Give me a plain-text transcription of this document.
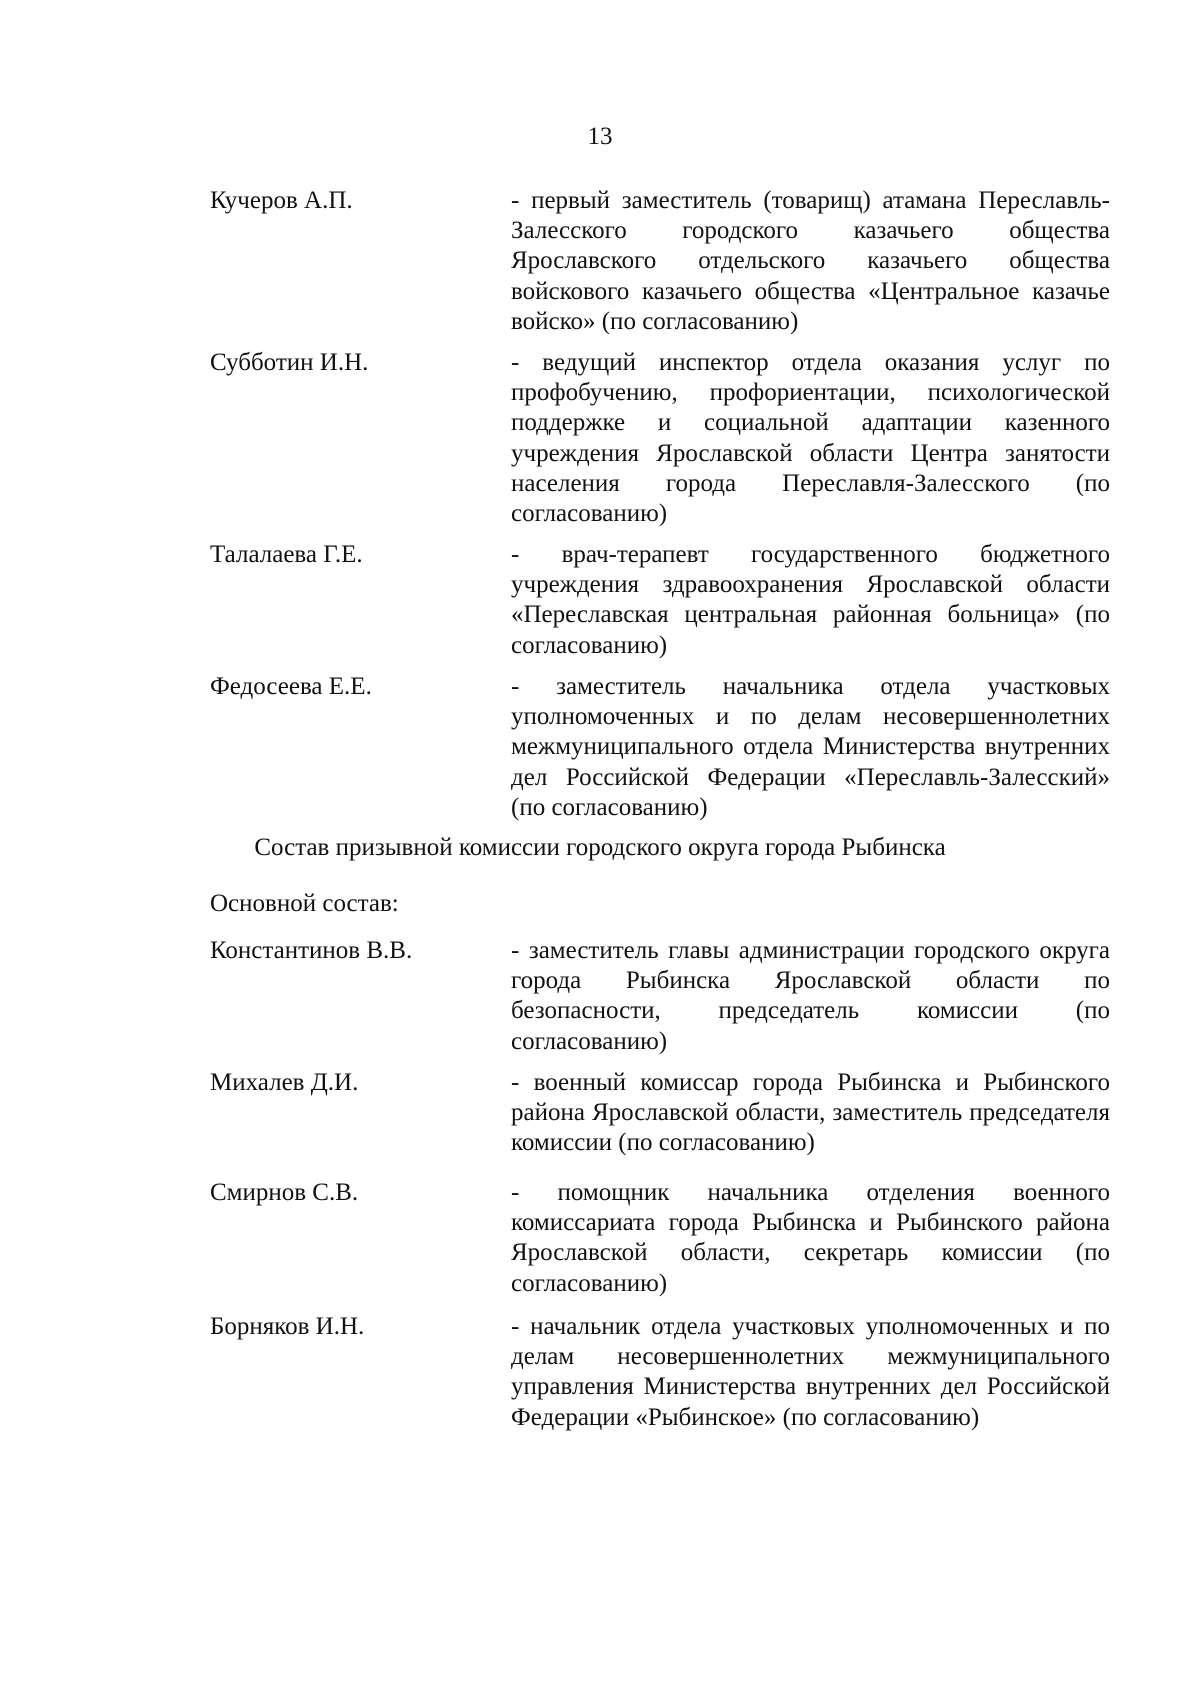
13
Кучеров А.П.	- первый заместитель (товарищ) атамана Переславль-Залесского городского казачьего общества Ярославского отдельского казачьего общества войскового казачьего общества «Центральное казачье войско» (по согласованию)
Субботин И.Н.	- ведущий инспектор отдела оказания услуг по профобучению, профориентации, психологической поддержке и социальной адаптации казенного учреждения Ярославской области Центра занятости населения города Переславля-Залесского (по согласованию)
Талалаева Г.Е.	- врач-терапевт государственного бюджетного учреждения здравоохранения Ярославской области «Переславская центральная районная больница» (по согласованию)
Федосеева Е.Е.	- заместитель начальника отдела участковых уполномоченных и по делам несовершеннолетних межмуниципального отдела Министерства внутренних дел Российской Федерации «Переславль-Залесский» (по согласованию)
Состав призывной комиссии городского округа города Рыбинска
Основной состав:
Константинов В.В.	- заместитель главы администрации городского округа города Рыбинска Ярославской области по безопасности, председатель комиссии (по согласованию)
Михалев Д.И.	- военный комиссар города Рыбинска и Рыбинского района Ярославской области, заместитель председателя комиссии (по согласованию)
Смирнов С.В.	- помощник начальника отделения военного комиссариата города Рыбинска и Рыбинского района Ярославской области, секретарь комиссии (по согласованию)
Борняков И.Н.	- начальник отдела участковых уполномоченных и по делам несовершеннолетних межмуниципального управления Министерства внутренних дел Российской Федерации «Рыбинское» (по согласованию)
